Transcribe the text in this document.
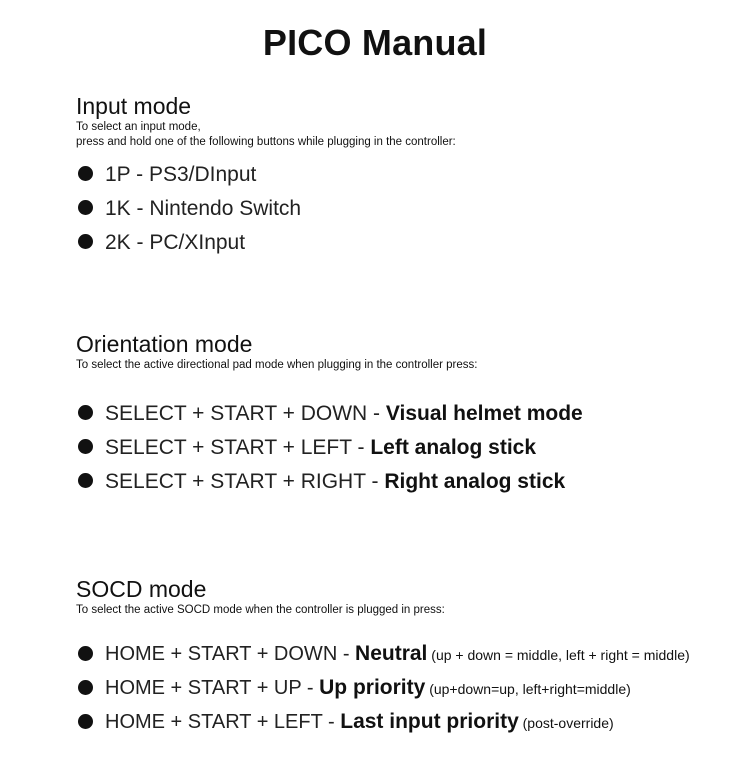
PICO Manual
Input mode
To select an input mode,
press and hold one of the following buttons while plugging in the controller:
1P - PS3/DInput
1K - Nintendo Switch
2K - PC/XInput
Orientation mode
To select the active directional pad mode when plugging in the controller press:
SELECT + START + DOWN - Visual helmet mode
SELECT + START + LEFT - Left analog stick
SELECT + START + RIGHT - Right analog stick
SOCD mode
To select the active SOCD mode when the controller is plugged in press:
HOME + START + DOWN - Neutral (up + down = middle, left + right = middle)
HOME + START + UP - Up priority (up+down=up, left+right=middle)
HOME + START + LEFT - Last input priority (post-override)
